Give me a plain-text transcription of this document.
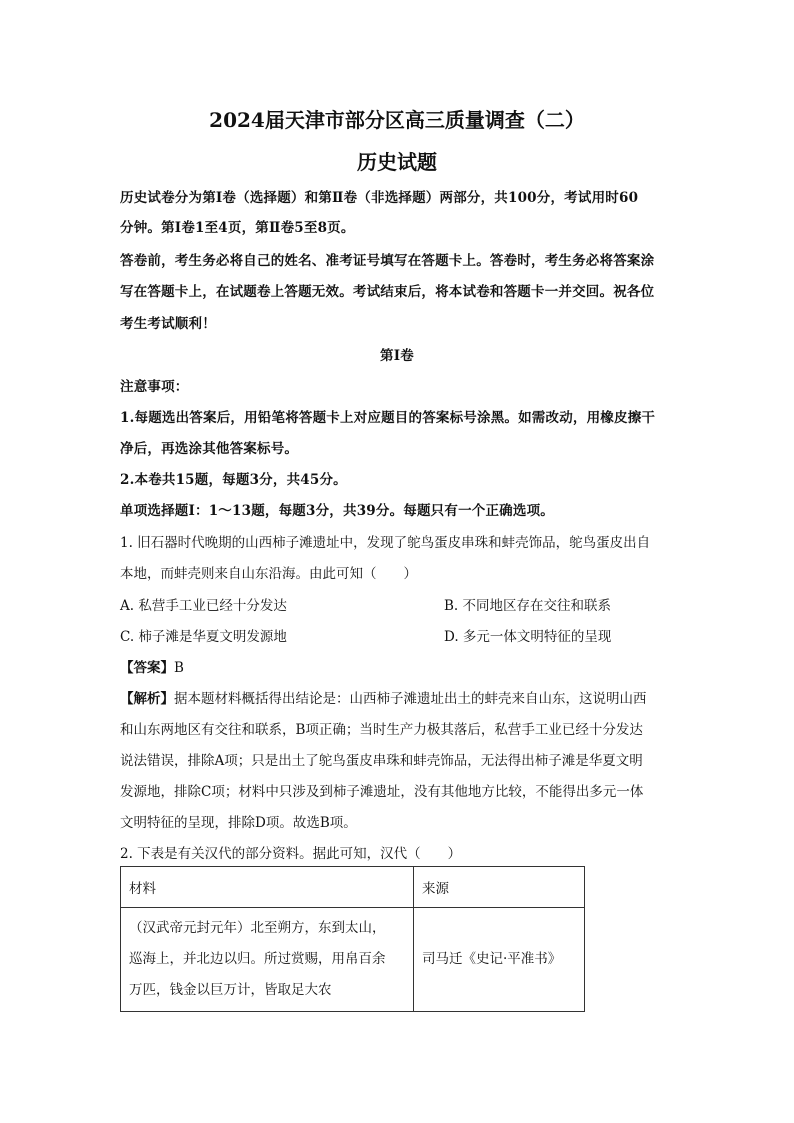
2024届天津市部分区高三质量调查（二）
历史试题
历史试卷分为第Ⅰ卷（选择题）和第Ⅱ卷（非选择题）两部分，共100分，考试用时60
分钟。第Ⅰ卷1至4页，第Ⅱ卷5至8页。
答卷前，考生务必将自己的姓名、准考证号填写在答题卡上。答卷时，考生务必将答案涂
写在答题卡上，在试题卷上答题无效。考试结束后，将本试卷和答题卡一并交回。祝各位
考生考试顺利！
第Ⅰ卷
注意事项：
1.每题选出答案后，用铅笔将答题卡上对应题目的答案标号涂黑。如需改动，用橡皮擦干
净后，再选涂其他答案标号。
2.本卷共15题，每题3分，共45分。
单项选择题Ⅰ：1～13题，每题3分，共39分。每题只有一个正确选项。
1. 旧石器时代晚期的山西柿子滩遗址中，发现了鸵鸟蛋皮串珠和蚌壳饰品，鸵鸟蛋皮出自
本地，而蚌壳则来自山东沿海。由此可知（　　）
A. 私营手工业已经十分发达	B. 不同地区存在交往和联系
C. 柿子滩是华夏文明发源地	D. 多元一体文明特征的呈现
【答案】B
【解析】据本题材料概括得出结论是：山西柿子滩遗址出土的蚌壳来自山东，这说明山西
和山东两地区有交往和联系，B项正确；当时生产力极其落后，私营手工业已经十分发达
说法错误，排除A项；只是出土了鸵鸟蛋皮串珠和蚌壳饰品，无法得出柿子滩是华夏文明
发源地，排除C项；材料中只涉及到柿子滩遗址，没有其他地方比较，不能得出多元一体
文明特征的呈现，排除D项。故选B项。
2. 下表是有关汉代的部分资料。据此可知，汉代（　　）
材料	来源

（汉武帝元封元年）北至朔方，东到太山，
巡海上，并北边以归。所过赏赐，用帛百余
万匹，钱金以巨万计，皆取足大农	司马迁《史记·平准书》
